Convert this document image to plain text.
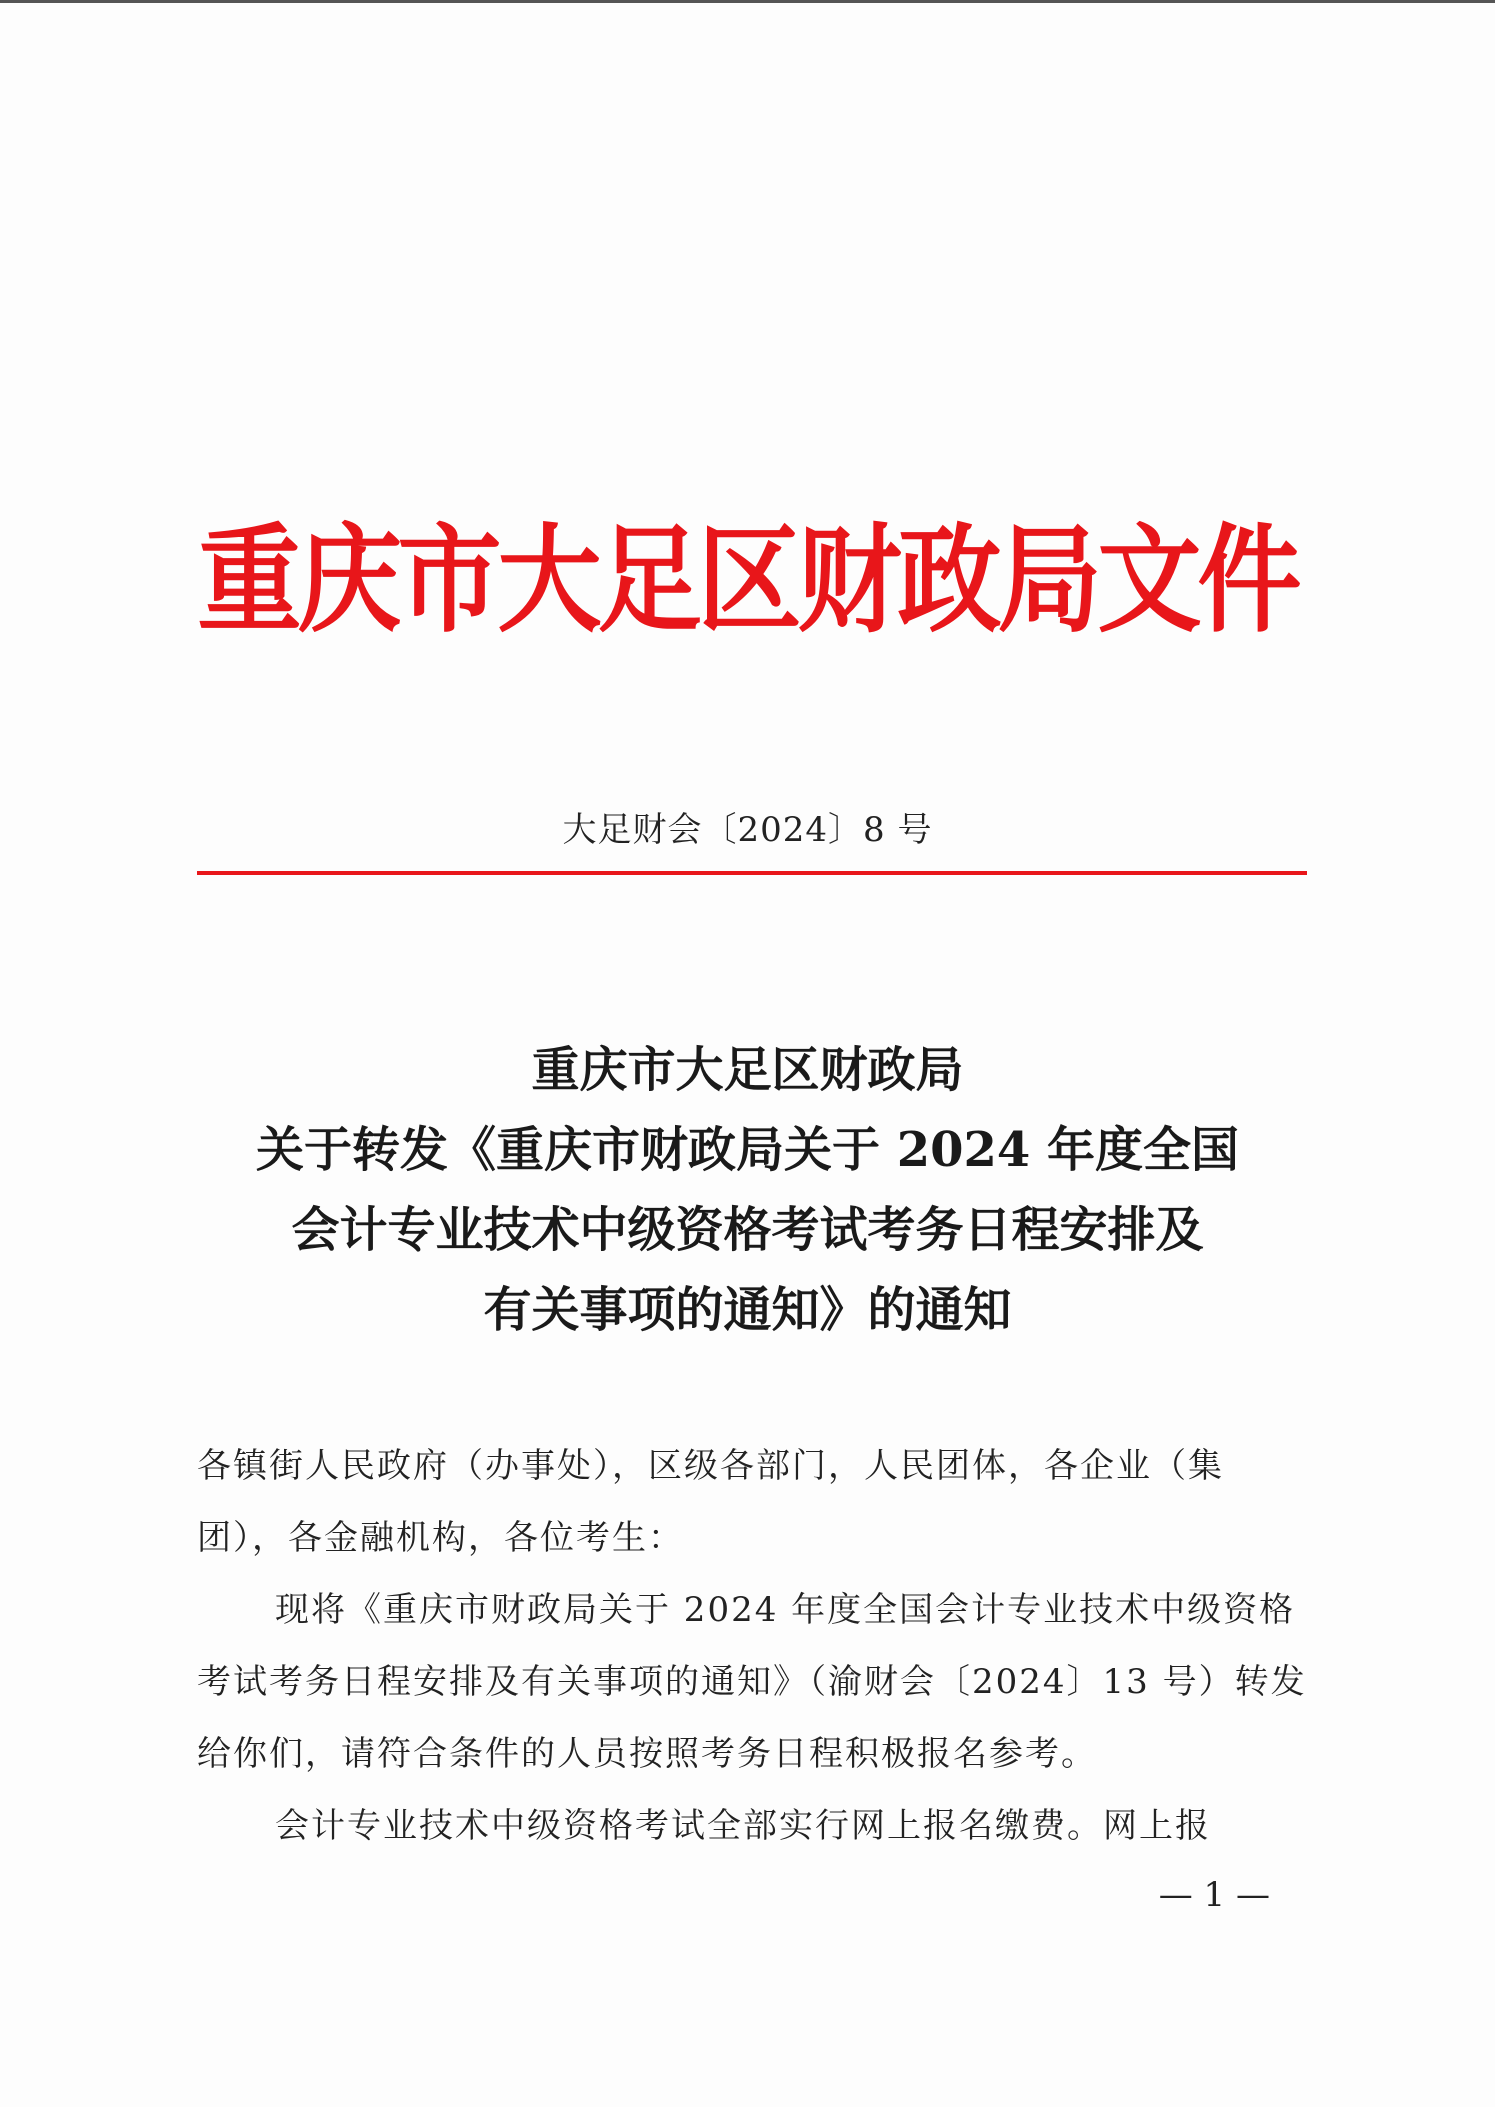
重庆市大足区财政局文件
大足财会〔2024〕8 号
重庆市大足区财政局
关于转发《重庆市财政局关于 2024 年度全国
会计专业技术中级资格考试考务日程安排及
有关事项的通知》的通知

各镇街人民政府（办事处），区级各部门，人民团体，各企业（集团），各金融机构，各位考生：

现将《重庆市财政局关于 2024 年度全国会计专业技术中级资格考试考务日程安排及有关事项的通知》（渝财会〔2024〕13 号）转发给你们，请符合条件的人员按照考务日程积极报名参考。

会计专业技术中级资格考试全部实行网上报名缴费。网上报

— 1 —
